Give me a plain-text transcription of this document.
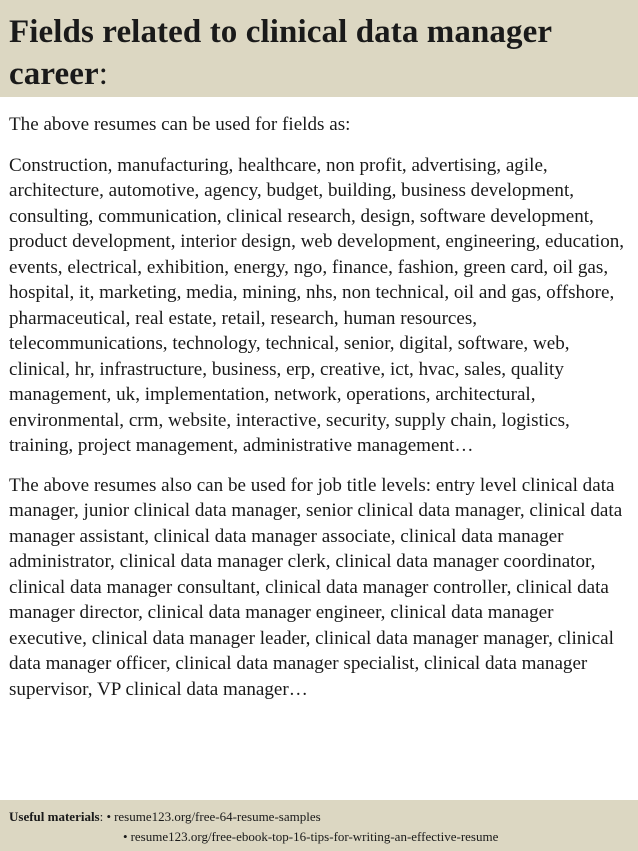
Fields related to clinical data manager career:

The above resumes can be used for fields as:

Construction, manufacturing, healthcare, non profit, advertising, agile, architecture, automotive, agency, budget, building, business development, consulting, communication, clinical research, design, software development, product development, interior design, web development, engineering, education, events, electrical, exhibition, energy, ngo, finance, fashion, green card, oil gas, hospital, it, marketing, media, mining, nhs, non technical, oil and gas, offshore, pharmaceutical, real estate, retail, research, human resources, telecommunications, technology, technical, senior, digital, software, web, clinical, hr, infrastructure, business, erp, creative, ict, hvac, sales, quality management, uk, implementation, network, operations, architectural, environmental, crm, website, interactive, security, supply chain, logistics, training, project management, administrative management…

The above resumes also can be used for job title levels: entry level clinical data manager, junior clinical data manager, senior clinical data manager, clinical data manager assistant, clinical data manager associate, clinical data manager administrator, clinical data manager clerk, clinical data manager coordinator, clinical data manager consultant, clinical data manager controller, clinical data manager director, clinical data manager engineer, clinical data manager executive, clinical data manager leader, clinical data manager manager, clinical data manager officer, clinical data manager specialist, clinical data manager supervisor, VP clinical data manager…

Useful materials: • resume123.org/free-64-resume-samples
• resume123.org/free-ebook-top-16-tips-for-writing-an-effective-resume
